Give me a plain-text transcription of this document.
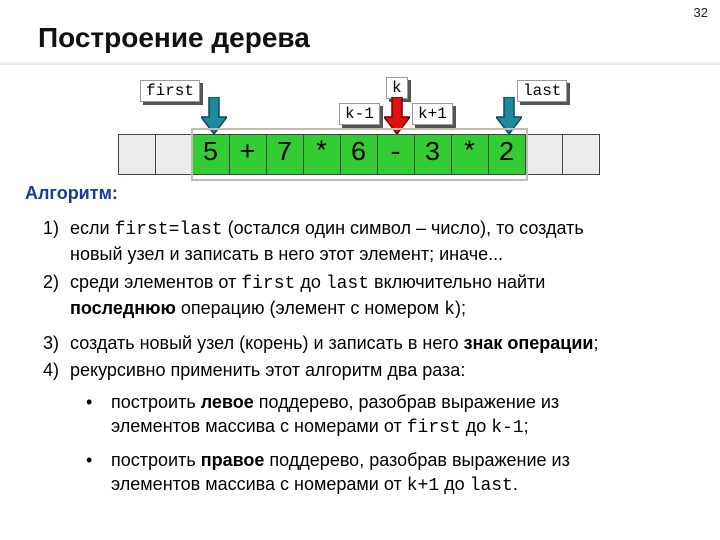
32
Построение дерева
first	k	last
k-1	k+1
5 + 7 * 6 - 3 * 2
Алгоритм:
1) если first=last (остался один символ – число), то создать
новый узел и записать в него этот элемент; иначе...
2) среди элементов от first до last включительно найти
последнюю операцию (элемент с номером k);
3) создать новый узел (корень) и записать в него знак операции;
4) рекурсивно применить этот алгоритм два раза:
• построить левое поддерево, разобрав выражение из
элементов массива с номерами от first до k-1;
• построить правое поддерево, разобрав выражение из
элементов массива с номерами от k+1 до last.
